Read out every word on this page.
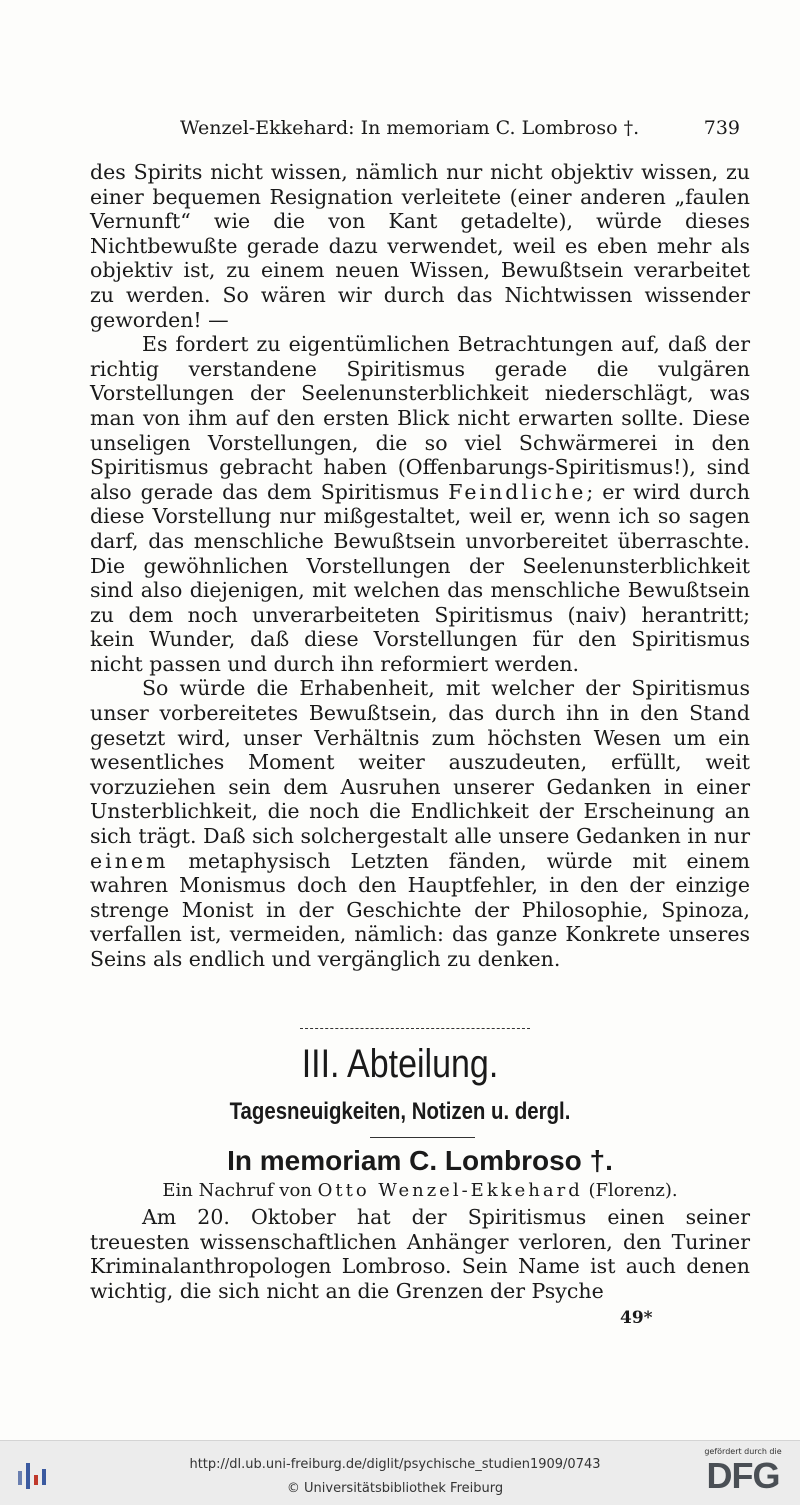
Wenzel-Ekkehard: In memoriam C. Lombroso †.	739

des Spirits nicht wissen, nämlich nur nicht objektiv wissen, zu einer bequemen Resignation verleitete (einer anderen „faulen Vernunft“ wie die von Kant getadelte), würde dieses Nichtbewußte gerade dazu verwendet, weil es eben mehr als objektiv ist, zu einem neuen Wissen, Bewußtsein verarbeitet zu werden. So wären wir durch das Nichtwissen wissender geworden! —

Es fordert zu eigentümlichen Betrachtungen auf, daß der richtig verstandene Spiritismus gerade die vulgären Vorstellungen der Seelenunsterblichkeit niederschlägt, was man von ihm auf den ersten Blick nicht erwarten sollte. Diese unseligen Vorstellungen, die so viel Schwärmerei in den Spiritismus gebracht haben (Offenbarungs-Spiritismus!), sind also gerade das dem Spiritismus Feindliche; er wird durch diese Vorstellung nur mißgestaltet, weil er, wenn ich so sagen darf, das menschliche Bewußtsein unvorbereitet überraschte. Die gewöhnlichen Vorstellungen der Seelenunsterblichkeit sind also diejenigen, mit welchen das menschliche Bewußtsein zu dem noch unverarbeiteten Spiritismus (naiv) herantritt; kein Wunder, daß diese Vorstellungen für den Spiritismus nicht passen und durch ihn reformiert werden.

So würde die Erhabenheit, mit welcher der Spiritismus unser vorbereitetes Bewußtsein, das durch ihn in den Stand gesetzt wird, unser Verhältnis zum höchsten Wesen um ein wesentliches Moment weiter auszudeuten, erfüllt, weit vorzuziehen sein dem Ausruhen unserer Gedanken in einer Unsterblichkeit, die noch die Endlichkeit der Erscheinung an sich trägt. Daß sich solchergestalt alle unsere Gedanken in nur einem metaphysisch Letzten fänden, würde mit einem wahren Monismus doch den Hauptfehler, in den der einzige strenge Monist in der Geschichte der Philosophie, Spinoza, verfallen ist, vermeiden, nämlich: das ganze Konkrete unseres Seins als endlich und vergänglich zu denken.

III. Abteilung.
Tagesneuigkeiten, Notizen u. dergl.
In memoriam C. Lombroso †.
Ein Nachruf von Otto Wenzel-Ekkehard (Florenz).

Am 20. Oktober hat der Spiritismus einen seiner treuesten wissenschaftlichen Anhänger verloren, den Turiner Kriminalanthropologen Lombroso. Sein Name ist auch denen wichtig, die sich nicht an die Grenzen der Psyche

49*
http://dl.ub.uni-freiburg.de/diglit/psychische_studien1909/0743
© Universitätsbibliothek Freiburg
gefördert durch die
DFG
